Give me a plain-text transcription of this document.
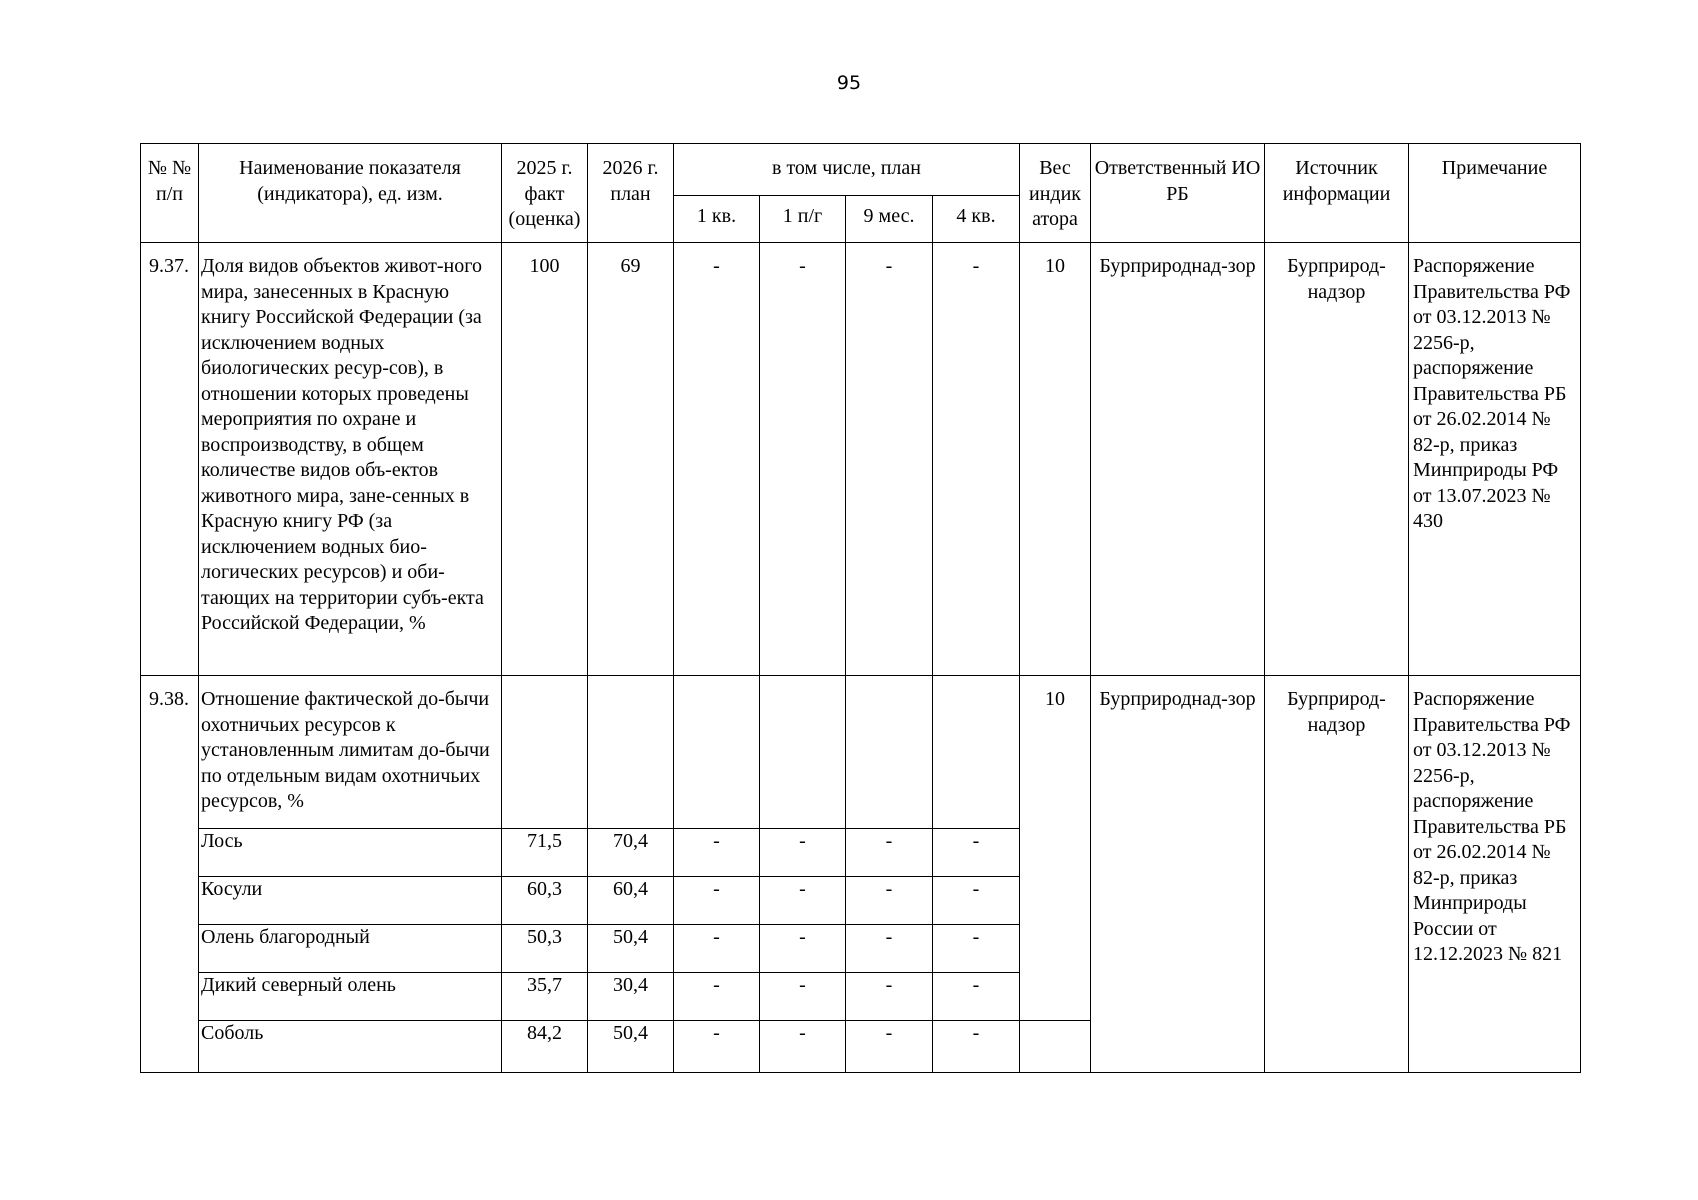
95
№ № п/п	Наименование показателя (индикатора), ед. изм.	2025 г. факт (оценка)	2026 г. план	в том числе, план				Вес индик атора	Ответственный ИО РБ	Источник информации	Примечание
				1 кв.	1 п/г	9 мес.	4 кв.				
9.37.	Доля видов объектов живот-ного мира, занесенных в Красную книгу Российской Федерации (за исключением водных биологических ресур-сов), в отношении которых проведены мероприятия по охране и воспроизводству, в общем количестве видов объ-ектов животного мира, зане-сенных в Красную книгу РФ (за исключением водных био-логических ресурсов) и оби-тающих на территории субъ-екта Российской Федерации, %	100	69	-	-	-	-	10	Бурприроднад-зор	Бурприрод-надзор	Распоряжение Правительства РФ от 03.12.2013 № 2256-р, распоряжение Правительства РБ от 26.02.2014 № 82-р, приказ Минприроды РФ от 13.07.2023 № 430
9.38.	Отношение фактической до-бычи охотничьих ресурсов к установленным лимитам до-бычи по отдельным видам охотничьих ресурсов, %							10	Бурприроднад-зор	Бурприрод-надзор	Распоряжение Правительства РФ от 03.12.2013 № 2256-р, распоряжение Правительства РБ от 26.02.2014 № 82-р, приказ Минприроды России от 12.12.2023 № 821
	Лось	71,5	70,4	-	-	-	-				
	Косули	60,3	60,4	-	-	-	-				
	Олень благородный	50,3	50,4	-	-	-	-				
	Дикий северный олень	35,7	30,4	-	-	-	-				
	Соболь	84,2	50,4	-	-	-	-				
